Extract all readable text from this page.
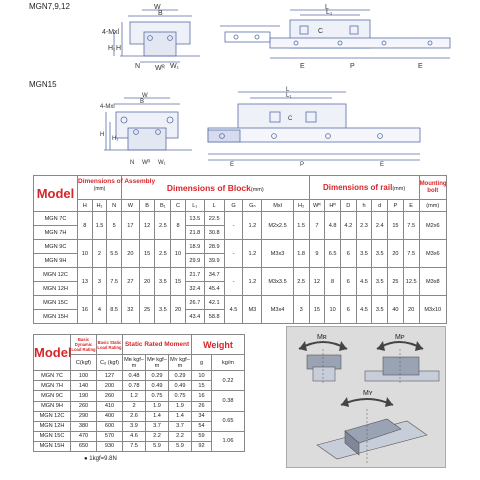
MGN7,9,12
MGN15
W
B
4-Mxl
H
H₁
Wᴿ
L
L₁
C
E	P	E
N	W₁
W
B
4-Mxl
H
H₁
Wᴿ
L
L₁
C
E	P	E
N	W₁
Model	Dimensions of Assembly
(mm)			Dimensions of Block(mm)										Dimensions of rail(mm)							Mounting bolt
	H	H₁	N	W	B	B₁	C	L₁	L	G	Gₙ	Mxl	H₂	Wᴿ	Hᴿ	D	h	d	P	E	(mm)
MGN 7C	8	1.5	5	17	12	2.5	8	13.5	22.5	-	1.2	M2x2.5	1.5	7	4.8	4.2	2.3	2.4	15	7.5	M2x6
MGN 7H								21.8	30.8												
MGN 9C	10	2	5.5	20	15	2.5	10	18.9	28.9	-	1.2	M3x3	1.8	9	6.5	6	3.5	3.5	20	7.5	M3x6
MGN 9H								29.9	39.9												
MGN 12C	13	3	7.5	27	20	3.5	15	21.7	34.7	-	1.2	M3x3.5	2.5	12	8	6	4.5	3.5	25	12.5	M3x8
MGN 12H								32.4	45.4												
MGN 15C	16	4	8.5	32	25	3.5	20	26.7	42.1	4.5	M3	M3x4	3	15	10	6	4.5	3.5	40	20	M3x10
MGN 15H								43.4	58.8												
Model	Basic Dynamic Load Rating	Basic Static Load Rating	Static Rated Moment			Weight	
	C(kgf)	Cₒ (kgf)	Mʀ kgf–m	Mᴘ kgf–m	Mʏ kgf–m	g	kg/m
MGN 7C	100	127	0.48	0.29	0.29	10	0.22
MGN 7H	140	200	0.78	0.49	0.49	15	
MGN 9C	190	260	1.2	0.75	0.75	16	0.38
MGN 9H	260	410	2	1.9	1.9	26	
MGN 12C	290	400	2.6	1.4	1.4	34	0.65
MGN 12H	380	600	3.9	3.7	3.7	54	
MGN 15C	470	570	4.6	2.2	2.2	59	1.06
MGN 15H	650	930	7.5	5.9	5.9	92	
● 1kgf=9.8N
Mʀ	Mᴘ
Mʏ
